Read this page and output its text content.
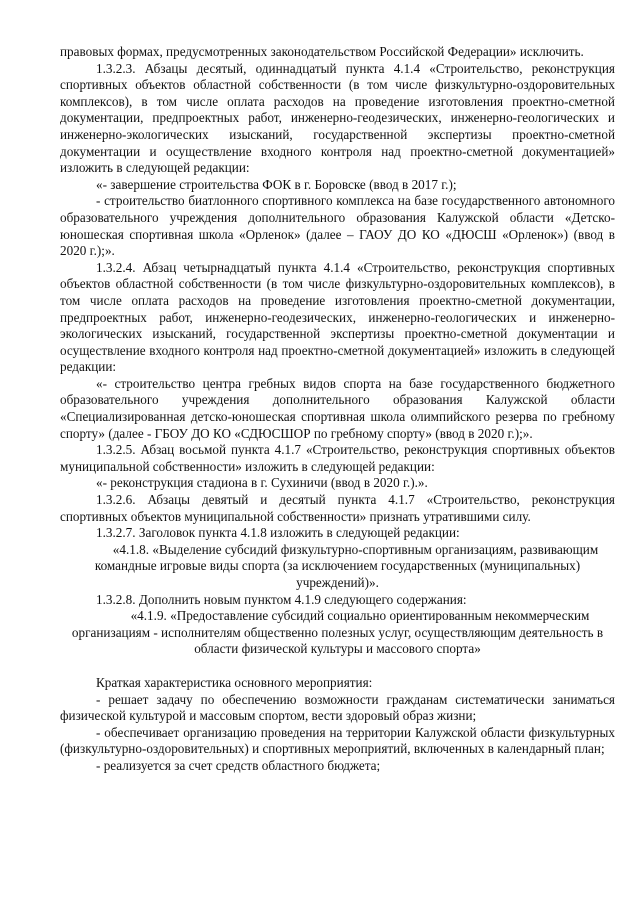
правовых формах, предусмотренных законодательством Российской Федерации» исключить.

1.3.2.3. Абзацы десятый, одиннадцатый пункта 4.1.4 «Строительство, реконструкция спортивных объектов областной собственности (в том числе физкультурно-оздоровительных комплексов), в том числе оплата расходов на проведение изготовления проектно-сметной документации, предпроектных работ, инженерно-геодезических, инженерно-геологических и инженерно-экологических изысканий, государственной экспертизы проектно-сметной документации и осуществление входного контроля над проектно-сметной документацией» изложить в следующей редакции:

«- завершение строительства ФОК в г. Боровске (ввод в 2017 г.);

- строительство биатлонного спортивного комплекса на базе государственного автономного образовательного учреждения дополнительного образования Калужской области «Детско-юношеская спортивная школа «Орленок» (далее – ГАОУ ДО КО «ДЮСШ «Орленок») (ввод в 2020 г.);».

1.3.2.4. Абзац четырнадцатый пункта 4.1.4 «Строительство, реконструкция спортивных объектов областной собственности (в том числе физкультурно-оздоровительных комплексов), в том числе оплата расходов на проведение изготовления проектно-сметной документации, предпроектных работ, инженерно-геодезических, инженерно-геологических и инженерно-экологических изысканий, государственной экспертизы проектно-сметной документации и осуществление входного контроля над проектно-сметной документацией» изложить в следующей редакции:

«- строительство центра гребных видов спорта на базе государственного бюджетного образовательного учреждения дополнительного образования Калужской области «Специализированная детско-юношеская спортивная школа олимпийского резерва по гребному спорту» (далее - ГБОУ ДО КО «СДЮСШОР по гребному спорту» (ввод в 2020 г.);».

1.3.2.5. Абзац восьмой пункта 4.1.7 «Строительство, реконструкция спортивных объектов муниципальной собственности» изложить в следующей редакции:

«- реконструкция стадиона в г. Сухиничи (ввод в 2020 г.).».

1.3.2.6. Абзацы девятый и десятый пункта 4.1.7 «Строительство, реконструкция спортивных объектов муниципальной собственности» признать утратившими силу.

1.3.2.7. Заголовок пункта 4.1.8 изложить в следующей редакции:

«4.1.8. «Выделение субсидий физкультурно-спортивным организациям, развивающим командные игровые виды спорта (за исключением государственных (муниципальных) учреждений)».

1.3.2.8. Дополнить новым пунктом 4.1.9 следующего содержания:

«4.1.9. «Предоставление субсидий социально ориентированным некоммерческим организациям - исполнителям общественно полезных услуг, осуществляющим деятельность в области физической культуры и массового спорта»

Краткая характеристика основного мероприятия:

- решает задачу по обеспечению возможности гражданам систематически заниматься физической культурой и массовым спортом, вести здоровый образ жизни;

- обеспечивает организацию проведения на территории Калужской области физкультурных (физкультурно-оздоровительных) и спортивных мероприятий, включенных в календарный план;

- реализуется за счет средств областного бюджета;
